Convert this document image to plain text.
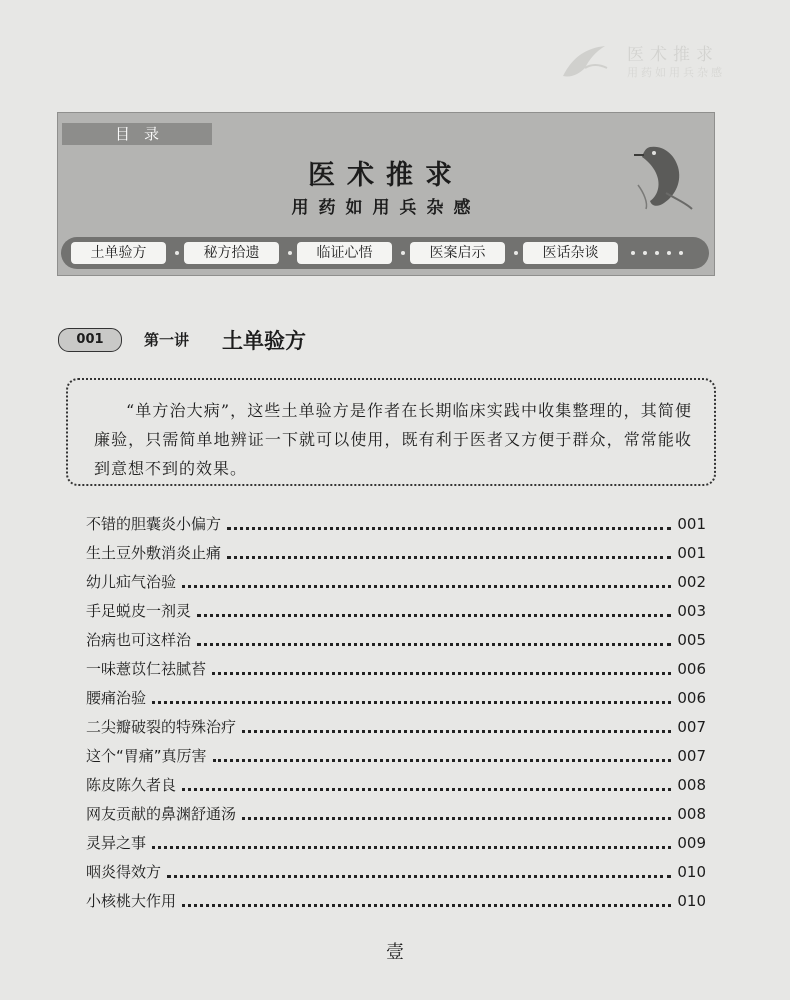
医术推求
用药如用兵杂感
目录
医术推求
用药如用兵杂感
土单验方	秘方拾遗	临证心悟	医案启示	医话杂谈
001	第一讲 土单验方
“单方治大病”，这些土单验方是作者在长期临床实践中收集整理的，其简便廉验，只需简单地辨证一下就可以使用，既有利于医者又方便于群众，常常能收到意想不到的效果。
不错的胆囊炎小偏方	001
生土豆外敷消炎止痛	001
幼儿疝气治验	002
手足蜕皮一剂灵	003
治病也可这样治	005
一味薏苡仁祛腻苔	006
腰痛治验	006
二尖瓣破裂的特殊治疗	007
这个“胃痛”真厉害	007
陈皮陈久者良	008
网友贡献的鼻渊舒通汤	008
灵异之事	009
咽炎得效方	010
小核桃大作用	010
壹
